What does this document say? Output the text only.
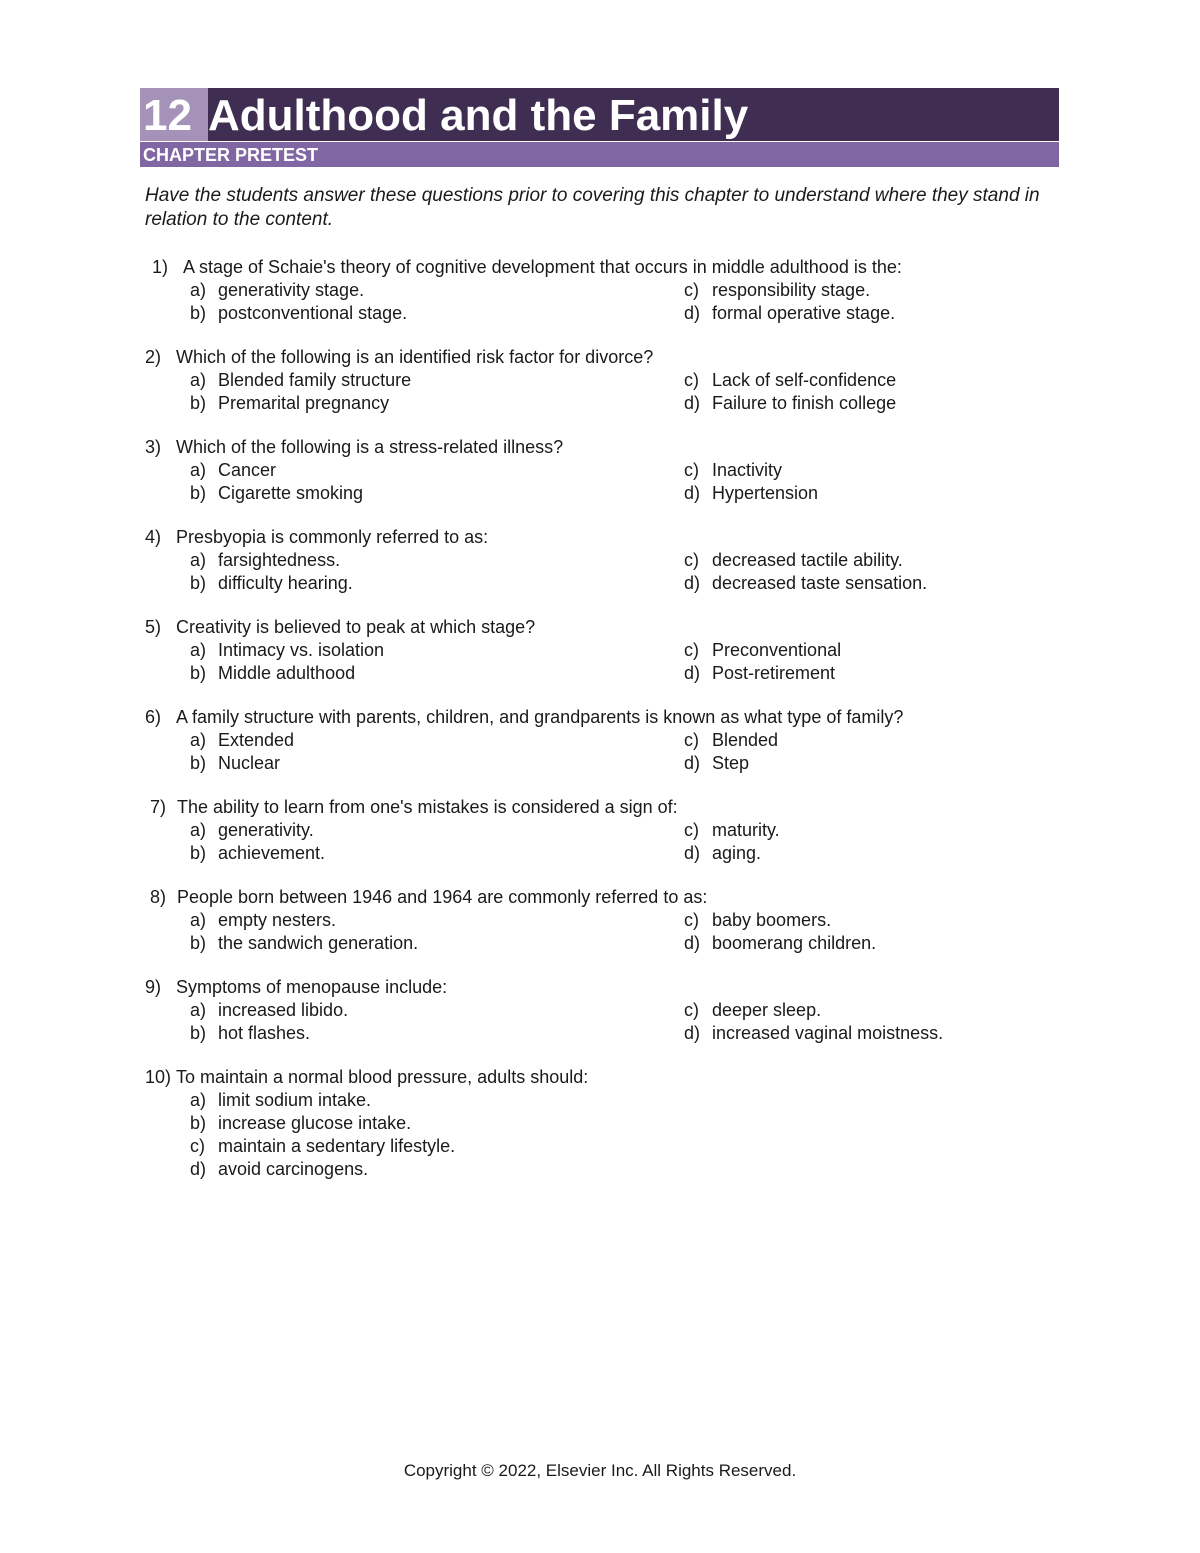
12 Adulthood and the Family
CHAPTER PRETEST
Have the students answer these questions prior to covering this chapter to understand where they stand in relation to the content.
1) A stage of Schaie's theory of cognitive development that occurs in middle adulthood is the:
a) generativity stage.
b) postconventional stage.
c) responsibility stage.
d) formal operative stage.
2) Which of the following is an identified risk factor for divorce?
a) Blended family structure
b) Premarital pregnancy
c) Lack of self-confidence
d) Failure to finish college
3) Which of the following is a stress-related illness?
a) Cancer
b) Cigarette smoking
c) Inactivity
d) Hypertension
4) Presbyopia is commonly referred to as:
a) farsightedness.
b) difficulty hearing.
c) decreased tactile ability.
d) decreased taste sensation.
5) Creativity is believed to peak at which stage?
a) Intimacy vs. isolation
b) Middle adulthood
c) Preconventional
d) Post-retirement
6) A family structure with parents, children, and grandparents is known as what type of family?
a) Extended
b) Nuclear
c) Blended
d) Step
7) The ability to learn from one's mistakes is considered a sign of:
a) generativity.
b) achievement.
c) maturity.
d) aging.
8) People born between 1946 and 1964 are commonly referred to as:
a) empty nesters.
b) the sandwich generation.
c) baby boomers.
d) boomerang children.
9) Symptoms of menopause include:
a) increased libido.
b) hot flashes.
c) deeper sleep.
d) increased vaginal moistness.
10) To maintain a normal blood pressure, adults should:
a) limit sodium intake.
b) increase glucose intake.
c) maintain a sedentary lifestyle.
d) avoid carcinogens.
Copyright © 2022, Elsevier Inc. All Rights Reserved.
